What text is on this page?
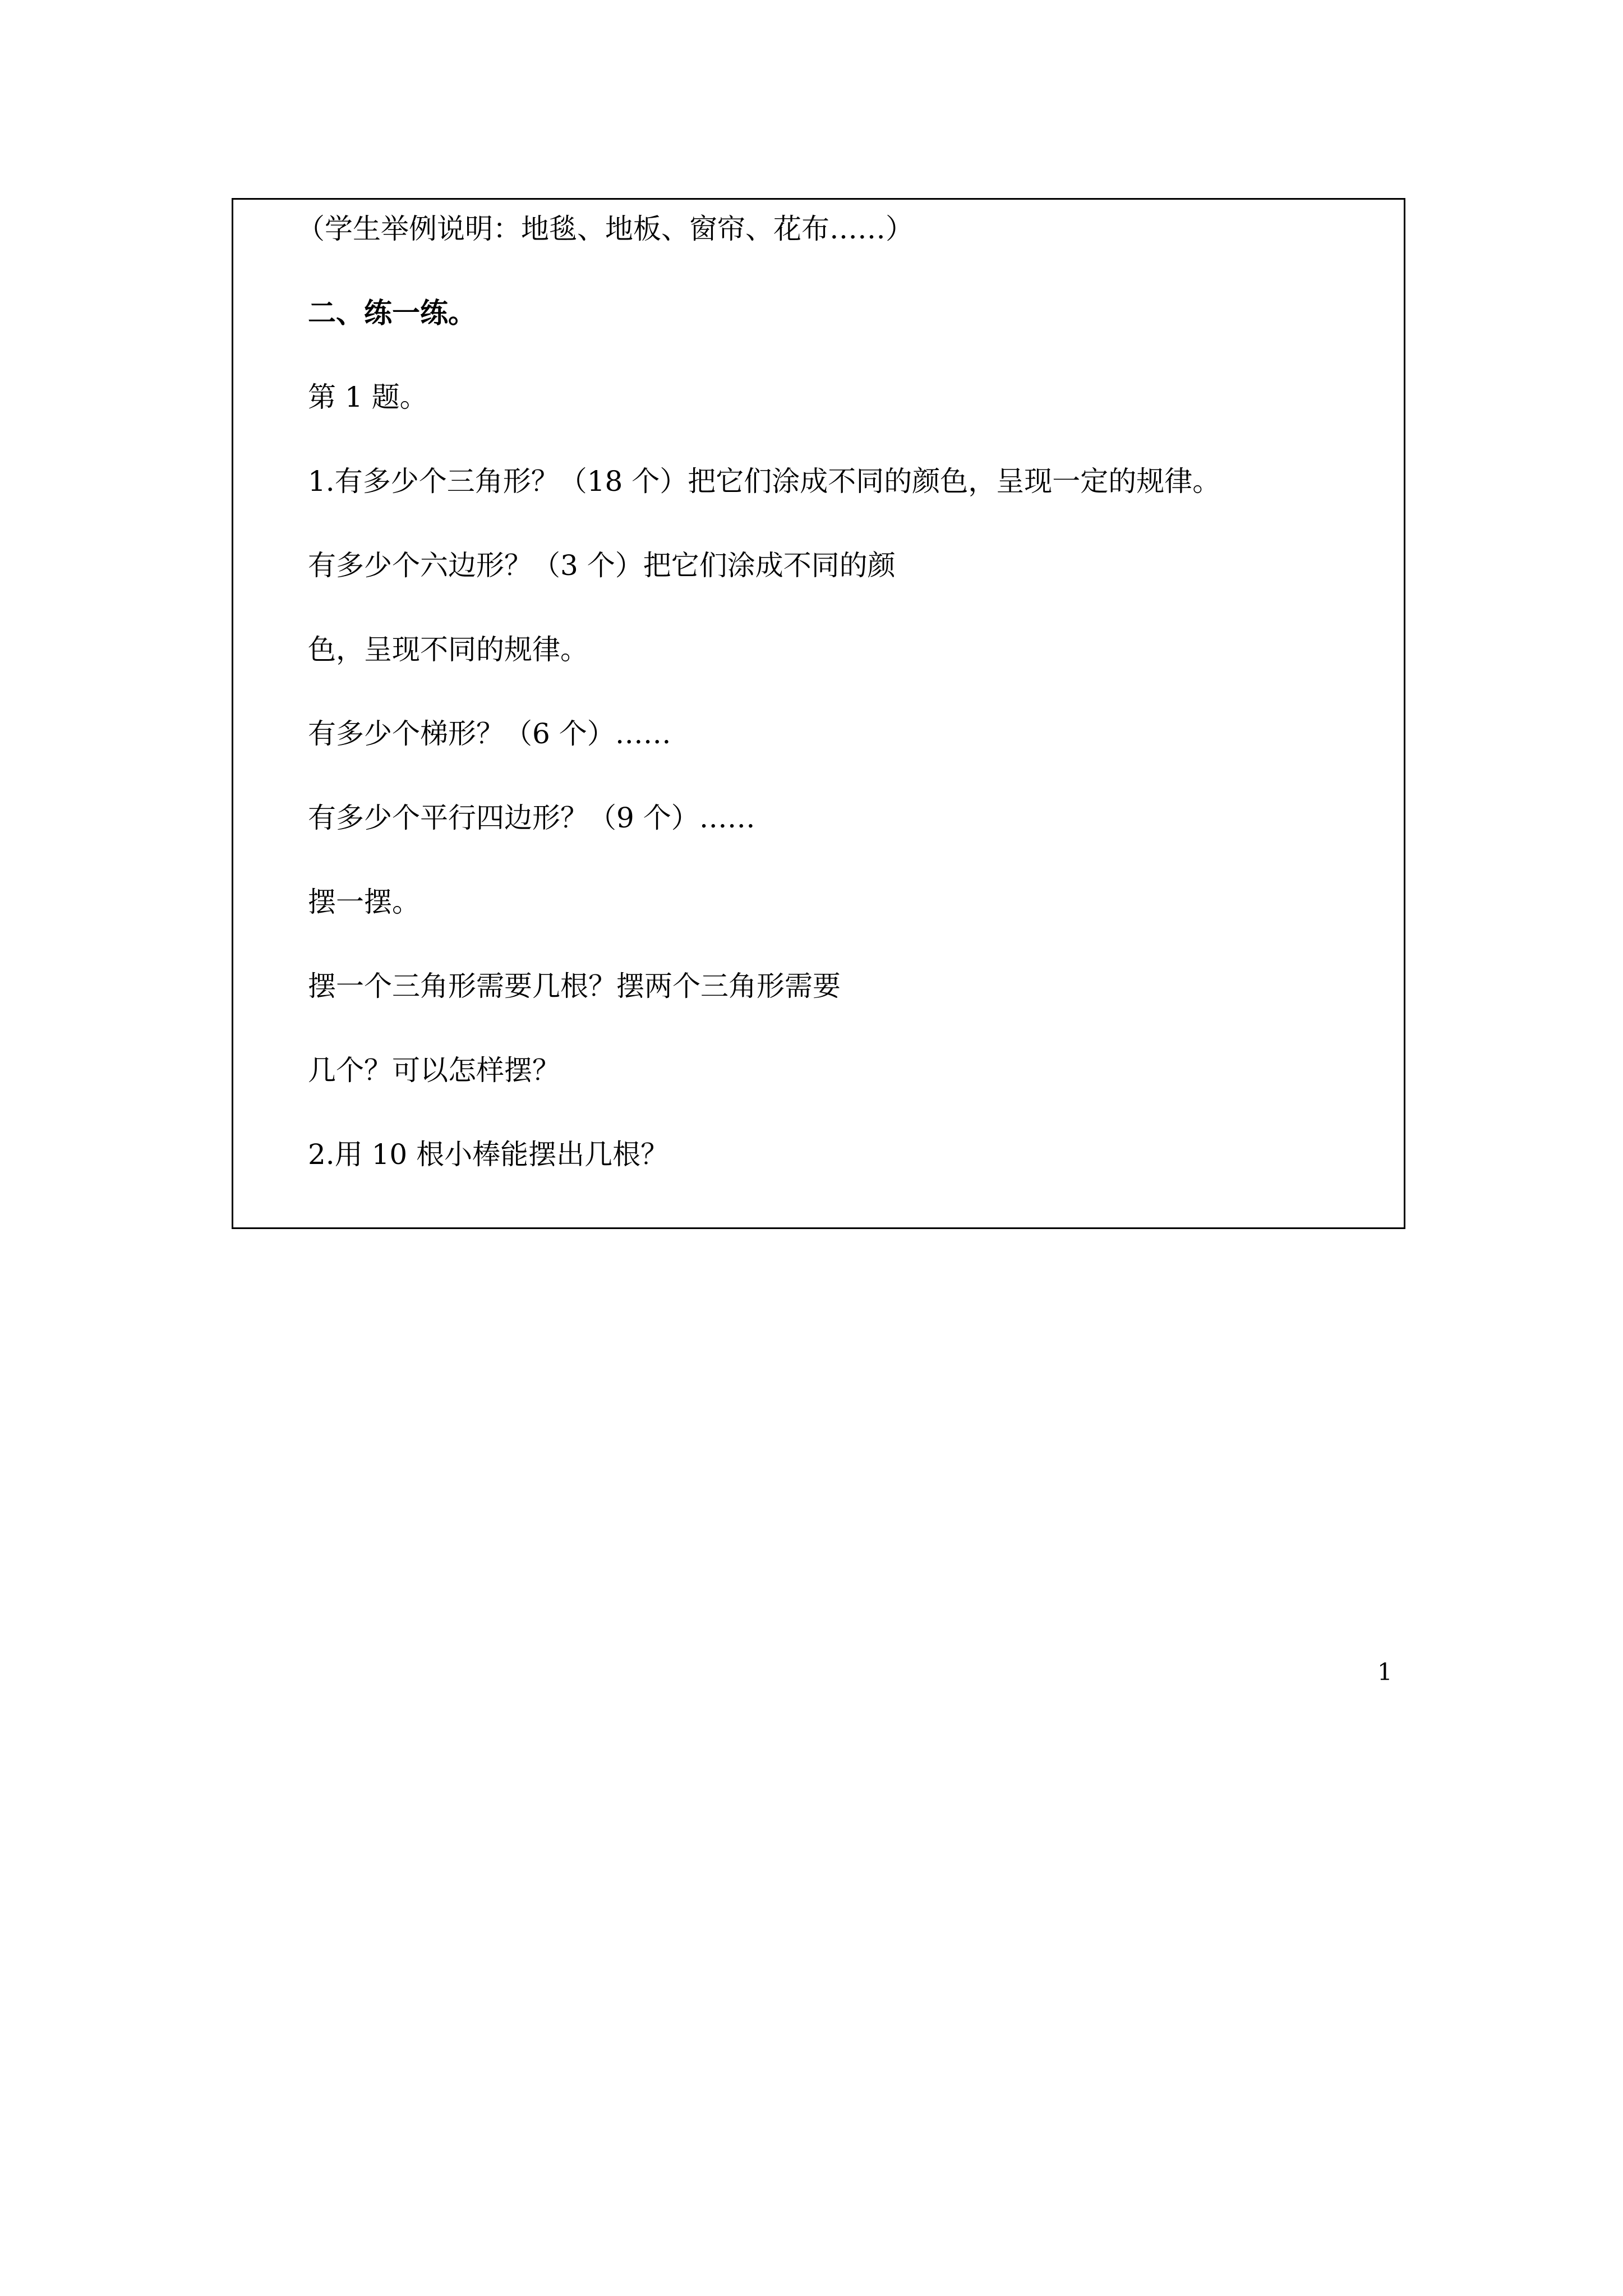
（学生举例说明：地毯、地板、窗帘、花布……）
二、练一练。
第 1 题。
1.有多少个三角形？（18 个）把它们涂成不同的颜色，呈现一定的规律。
有多少个六边形？（3 个）把它们涂成不同的颜
色，呈现不同的规律。
有多少个梯形？（6 个）……
有多少个平行四边形？（9 个）……
摆一摆。
摆一个三角形需要几根？摆两个三角形需要
几个？可以怎样摆？
2.用 10 根小棒能摆出几根？
1
